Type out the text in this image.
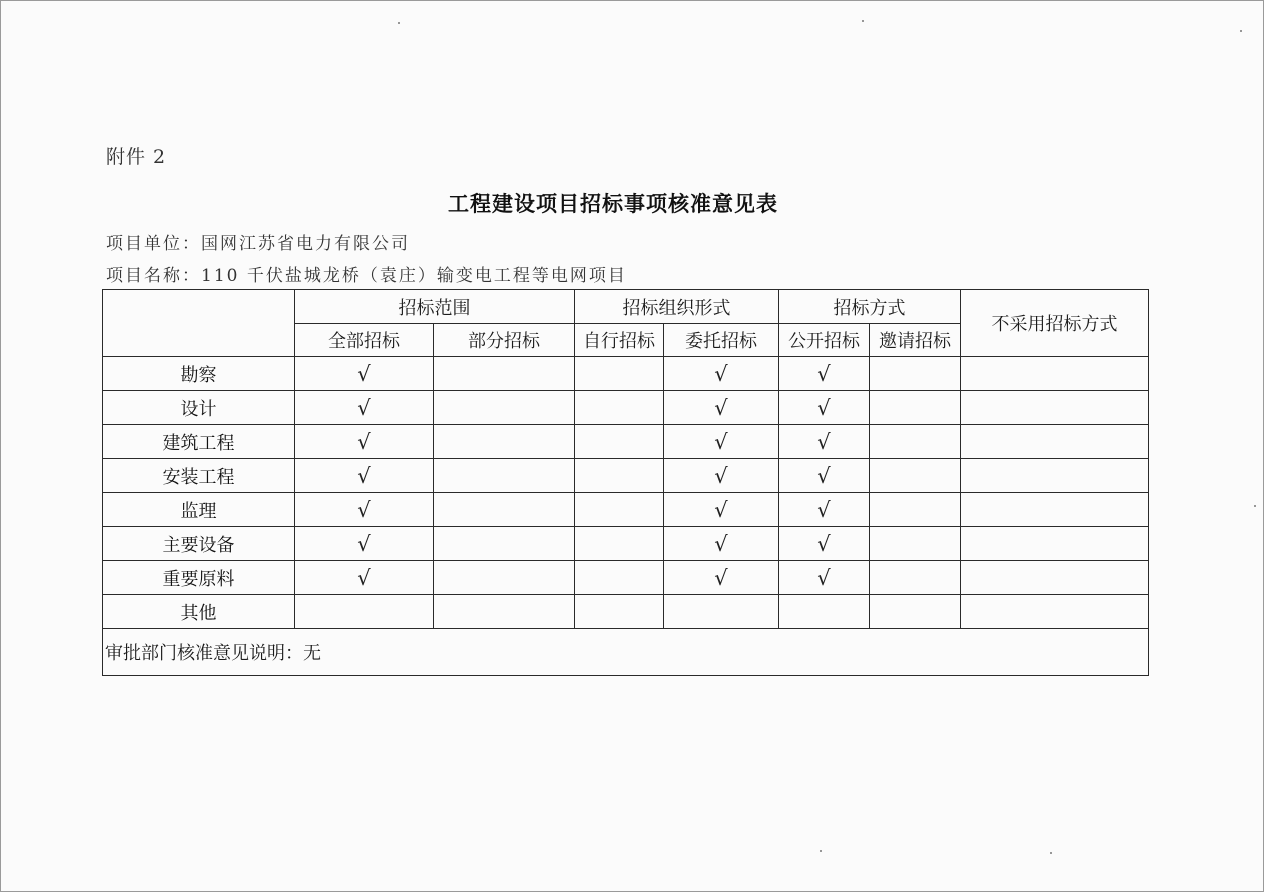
附件 2
工程建设项目招标事项核准意见表
项目单位：国网江苏省电力有限公司
项目名称：110 千伏盐城龙桥（袁庄）输变电工程等电网项目
	招标范围		招标组织形式		招标方式		不采用招标方式
	全部招标	部分招标	自行招标	委托招标	公开招标	邀请招标	
勘察	√			√	√		
设计	√			√	√		
建筑工程	√			√	√		
安装工程	√			√	√		
监理	√			√	√		
主要设备	√			√	√		
重要原料	√			√	√		
其他							
审批部门核准意见说明：无							
